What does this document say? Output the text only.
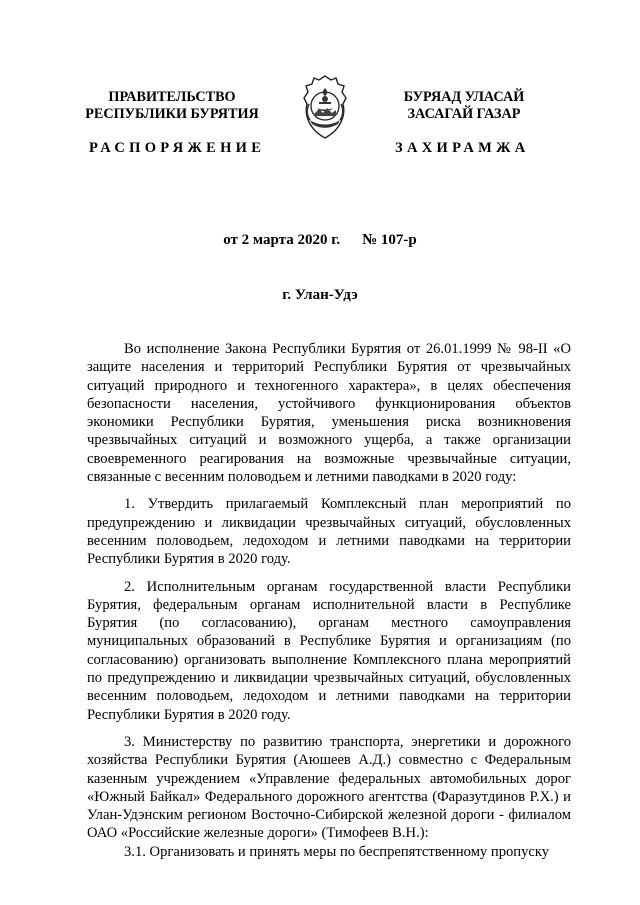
ПРАВИТЕЛЬСТВО
РЕСПУБЛИКИ БУРЯТИЯ
БУРЯАД УЛАСАЙ
ЗАСАГАЙ ГАЗАР
РАСПОРЯЖЕНИЕ	ЗАХИРАМЖА
от 2 марта 2020 г. № 107-р
г. Улан-Удэ

Во исполнение Закона Республики Бурятия от 26.01.1999 № 98-II «О защите населения и территорий Республики Бурятия от чрезвычайных ситуаций природного и техногенного характера», в целях обеспечения безопасности населения, устойчивого функционирования объектов экономики Республики Бурятия, уменьшения риска возникновения чрезвычайных ситуаций и возможного ущерба, а также организации своевременного реагирования на возможные чрезвычайные ситуации, связанные с весенним половодьем и летними паводками в 2020 году:

1. Утвердить прилагаемый Комплексный план мероприятий по предупреждению и ликвидации чрезвычайных ситуаций, обусловленных весенним половодьем, ледоходом и летними паводками на территории Республики Бурятия в 2020 году.

2. Исполнительным органам государственной власти Республики Бурятия, федеральным органам исполнительной власти в Республике Бурятия (по согласованию), органам местного самоуправления муниципальных образований в Республике Бурятия и организациям (по согласованию) организовать выполнение Комплексного плана мероприятий по предупреждению и ликвидации чрезвычайных ситуаций, обусловленных весенним половодьем, ледоходом и летними паводками на территории Республики Бурятия в 2020 году.

3. Министерству по развитию транспорта, энергетики и дорожного хозяйства Республики Бурятия (Аюшеев А.Д.) совместно с Федеральным казенным учреждением «Управление федеральных автомобильных дорог «Южный Байкал» Федерального дорожного агентства (Фаразутдинов Р.Х.) и Улан-Удэнским регионом Восточно-Сибирской железной дороги - филиалом ОАО «Российские железные дороги» (Тимофеев В.Н.):

3.1. Организовать и принять меры по беспрепятственному пропуску
